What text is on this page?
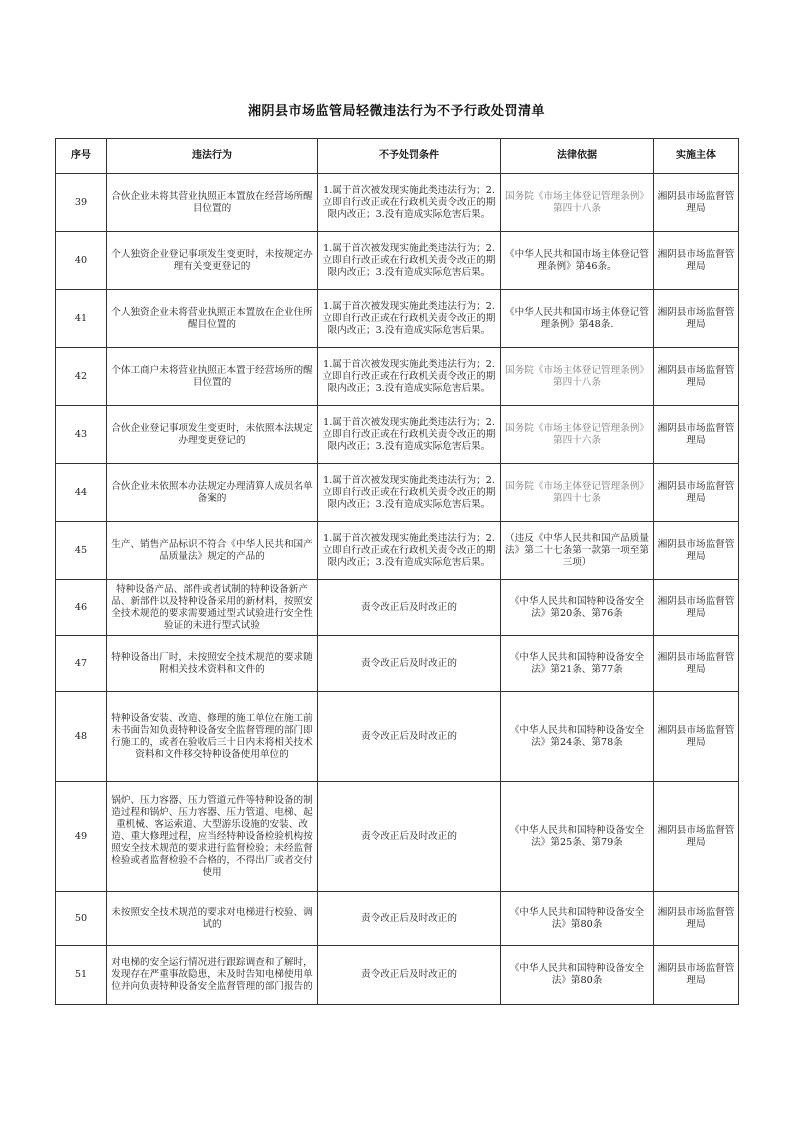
湘阴县市场监管局轻微违法行为不予行政处罚清单
序号	违法行为	不予处罚条件	法律依据	实施主体
39	合伙企业未将其营业执照正本置放在经营场所醒目位置的	1.属于首次被发现实施此类违法行为；2.立即自行改正或在行政机关责令改正的期限内改正；3.没有造成实际危害后果。	国务院《市场主体登记管理条例》第四十八条	湘阴县市场监督管理局
40	个人独资企业登记事项发生变更时，未按规定办理有关变更登记的	1.属于首次被发现实施此类违法行为；2.立即自行改正或在行政机关责令改正的期限内改正；3.没有造成实际危害后果。	《中华人民共和国市场主体登记管理条例》第46条。	湘阴县市场监督管理局
41	个人独资企业未将营业执照正本置放在企业住所醒目位置的	1.属于首次被发现实施此类违法行为；2.立即自行改正或在行政机关责令改正的期限内改正；3.没有造成实际危害后果。	《中华人民共和国市场主体登记管理条例》第48条.	湘阴县市场监督管理局
42	个体工商户未将营业执照正本置于经营场所的醒目位置的	1.属于首次被发现实施此类违法行为；2.立即自行改正或在行政机关责令改正的期限内改正；3.没有造成实际危害后果。	国务院《市场主体登记管理条例》第四十八条	湘阴县市场监督管理局
43	合伙企业登记事项发生变更时，未依照本法规定办理变更登记的	1.属于首次被发现实施此类违法行为；2.立即自行改正或在行政机关责令改正的期限内改正；3.没有造成实际危害后果。	国务院《市场主体登记管理条例》第四十六条	湘阴县市场监督管理局
44	合伙企业未依照本办法规定办理清算人成员名单备案的	1.属于首次被发现实施此类违法行为；2.立即自行改正或在行政机关责令改正的期限内改正；3.没有造成实际危害后果。	国务院《市场主体登记管理条例》第四十七条	湘阴县市场监督管理局
45	生产、销售产品标识不符合《中华人民共和国产品质量法》规定的产品的	1.属于首次被发现实施此类违法行为；2.立即自行改正或在行政机关责令改正的期限内改正；3.没有造成实际危害后果。	（违反《中华人民共和国产品质量法》第二十七条第一款第一项至第三项）	湘阴县市场监督管理局
46	特种设备产品、部件或者试制的特种设备新产品、新部件以及特种设备采用的新材料，按照安全技术规范的要求需要通过型式试验进行安全性验证的未进行型式试验	责令改正后及时改正的	《中华人民共和国特种设备安全法》第20条、第76条	湘阴县市场监督管理局
47	特种设备出厂时，未按照安全技术规范的要求随附相关技术资料和文件的	责令改正后及时改正的	《中华人民共和国特种设备安全法》第21条、第77条	湘阴县市场监督管理局
48	特种设备安装、改造、修理的施工单位在施工前未书面告知负责特种设备安全监督管理的部门即行施工的，或者在验收后三十日内未将相关技术资料和文件移交特种设备使用单位的	责令改正后及时改正的	《中华人民共和国特种设备安全法》第24条、第78条	湘阴县市场监督管理局
49	锅炉、压力容器、压力管道元件等特种设备的制造过程和锅炉、压力容器、压力管道、电梯、起重机械、客运索道、大型游乐设施的安装、改造、重大修理过程，应当经特种设备检验机构按照安全技术规范的要求进行监督检验；未经监督检验或者监督检验不合格的，不得出厂或者交付使用	责令改正后及时改正的	《中华人民共和国特种设备安全法》第25条、第79条	湘阴县市场监督管理局
50	未按照安全技术规范的要求对电梯进行校验、调试的	责令改正后及时改正的	《中华人民共和国特种设备安全法》第80条	湘阴县市场监督管理局
51	对电梯的安全运行情况进行跟踪调查和了解时，发现存在严重事故隐患，未及时告知电梯使用单位并向负责特种设备安全监督管理的部门报告的	责令改正后及时改正的	《中华人民共和国特种设备安全法》第80条	湘阴县市场监督管理局
